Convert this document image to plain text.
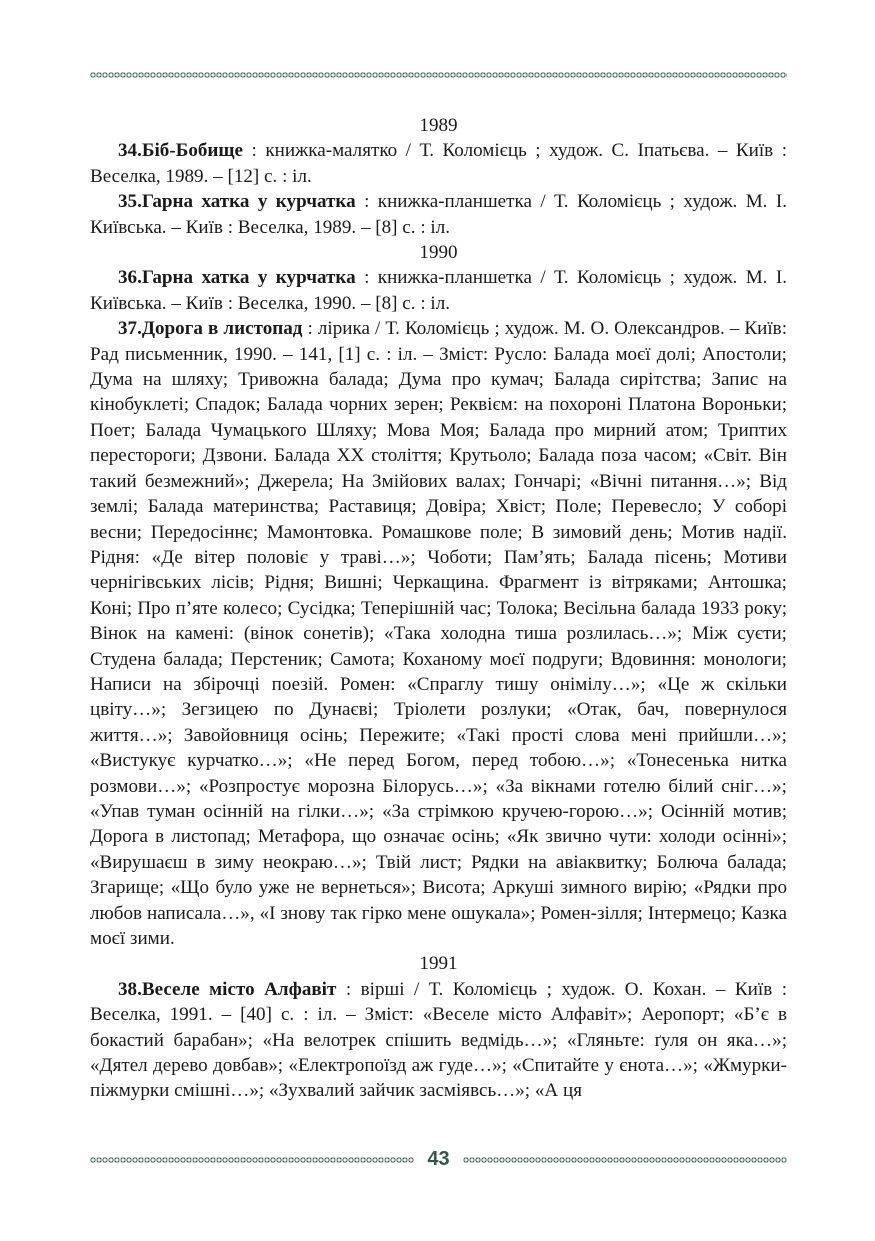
1989

34.Біб-Бобище : книжка-малятко / Т. Коломієць ; худож. С. Іпатьєва. – Київ : Веселка, 1989. – [12] с. : іл.

35.Гарна хатка у курчатка : книжка-планшетка / Т. Коломієць ; худож. М. І. Київська. – Київ : Веселка, 1989. – [8] с. : іл.

1990

36.Гарна хатка у курчатка : книжка-планшетка / Т. Коломієць ; худож. М. І. Київська. – Київ : Веселка, 1990. – [8] с. : іл.

37.Дорога в листопад : лірика / Т. Коломієць ; худож. М. О. Олександров. – Київ: Рад письменник, 1990. – 141, [1] с. : іл. – Зміст: Русло: Балада моєї долі; Апостоли; Дума на шляху; Тривожна балада; Дума про кумач; Балада сирітства; Запис на кінобуклеті; Спадок; Балада чорних зерен; Реквієм: на похороні Платона Вороньки; Поет; Балада Чумацького Шляху; Мова Моя; Балада про мирний атом; Триптих перестороги; Дзвони. Балада ХХ століття; Крутьоло; Балада поза часом; «Світ. Він такий безмежний»; Джерела; На Змійових валах; Гончарі; «Вічні питання…»; Від землі; Балада материнства; Раставиця; Довіра; Хвіст; Поле; Перевесло; У соборі весни; Передосіннє; Мамонтовка. Ромашкове поле; В зимовий день; Мотив надії. Рідня: «Де вітер половіє у траві…»; Чоботи; Пам’ять; Балада пісень; Мотиви чернігівських лісів; Рідня; Вишні; Черкащина. Фрагмент із вітряками; Антошка; Коні; Про п’яте колесо; Сусідка; Теперішній час; Толока; Весільна балада 1933 року; Вінок на камені: (вінок сонетів); «Така холодна тиша розлилась…»; Між суєти; Студена балада; Перстеник; Самота; Коханому моєї подруги; Вдовиння: монологи; Написи на збірочці поезій. Ромен: «Спраглу тишу онімілу…»; «Це ж скільки цвіту…»; Зегзицею по Дунаєві; Тріолети розлуки; «Отак, бач, повернулося життя…»; Завойовниця осінь; Пережите; «Такі прості слова мені прийшли…»; «Вистукує курчатко…»; «Не перед Богом, перед тобою…»; «Тонесенька нитка розмови…»; «Розпростує морозна Білорусь…»; «За вікнами готелю білий сніг…»; «Упав туман осінній на гілки…»; «За стрімкою кручею-горою…»; Осінній мотив; Дорога в листопад; Метафора, що означає осінь; «Як звично чути: холоди осінні»; «Вирушаєш в зиму неокраю…»; Твій лист; Рядки на авіаквитку; Болюча балада; Згарище; «Що було уже не вернеться»; Висота; Аркуші зимного вирію; «Рядки про любов написала…», «І знову так гірко мене ошукала»; Ромен-зілля; Інтермецо; Казка моєї зими.

1991

38.Веселе місто Алфавіт : вірші / Т. Коломієць ; худож. О. Кохан. – Київ : Веселка, 1991. – [40] с. : іл. – Зміст: «Веселе місто Алфавіт»; Аеропорт; «Б’є в бокастий барабан»; «На велотрек спішить ведмідь…»; «Гляньте: ґуля он яка…»; «Дятел дерево довбав»; «Електропоїзд аж гуде…»; «Спитайте у єнота…»; «Жмурки-піжмурки смішні…»; «Зухвалий зайчик засміявсь…»; «А ця

43
